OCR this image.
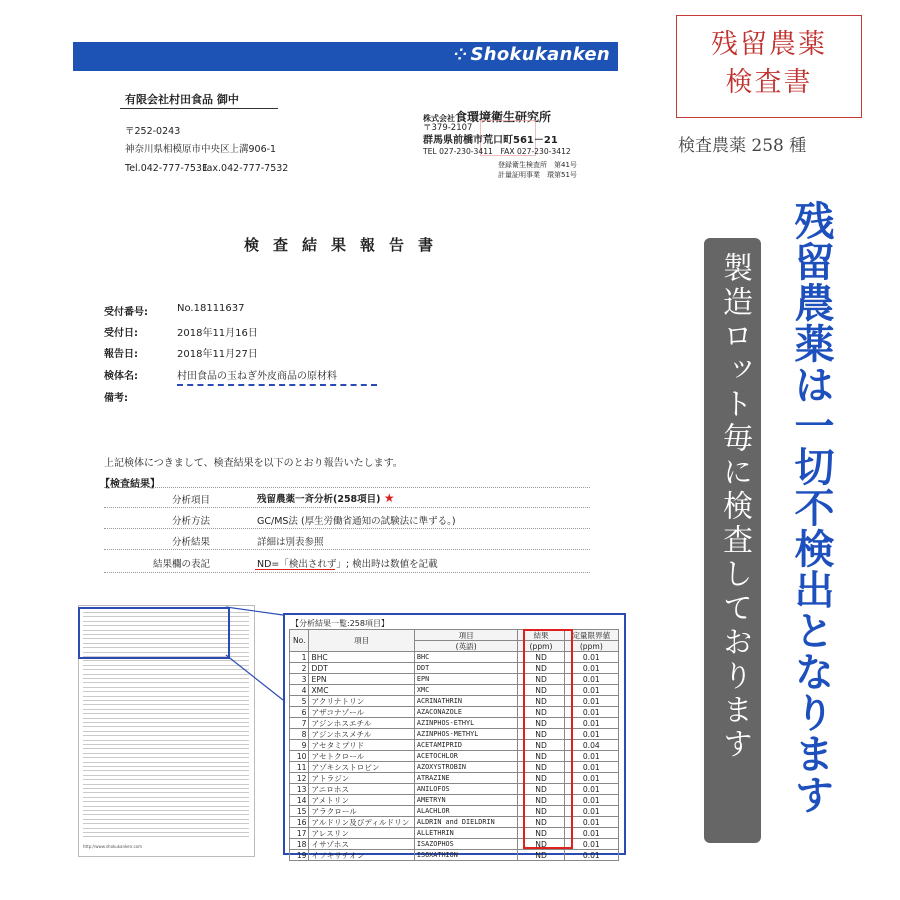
⁘ Shokukanken
有限会社村田食品 御中
〒252-0243
神奈川県相模原市中央区上溝906-1
Tel.042-777-7531
Fax.042-777-7532
株式会社食環境衛生研究所
〒379-2107
群馬県前橋市荒口町561－21
TEL 027-230-3411　FAX 027-230-3412
登録衛生検査所　第41号
計量証明事業　環第51号
検査結果報告書
受付番号:	No.18111637
受付日:	2018年11月16日
報告日:	2018年11月27日
検体名:	村田食品の玉ねぎ外皮商品の原材料
備考:
上記検体につきまして、検査結果を以下のとおり報告いたします。
【検査結果】
分析項目	残留農薬一斉分析(258項目) ★
分析方法	GC/MS法 (厚生労働省通知の試験法に準ずる。)
分析結果	詳細は別表参照
結果欄の表記	ND=「検出されず」; 検出時は数値を記載
残留農薬
検査書
検査農薬 258 種
製造ロット毎に検査しております 残留農薬は一切不検出となります
http://www.shokukanken.com
【分析結果一覧:258項目】
No.	項目	項目	結果	定量限界値
		(英語)	(ppm)	(ppm)
1	BHC	BHC	ND	0.01
2	DDT	DDT	ND	0.01
3	EPN	EPN	ND	0.01
4	XMC	XMC	ND	0.01
5	アクリナトリン	ACRINATHRIN	ND	0.01
6	アザコナゾール	AZACONAZOLE	ND	0.01
7	アジンホスエチル	AZINPHOS-ETHYL	ND	0.01
8	アジンホスメチル	AZINPHOS-METHYL	ND	0.01
9	アセタミプリド	ACETAMIPRID	ND	0.04
10	アセトクロール	ACETOCHLOR	ND	0.01
11	アゾキシストロビン	AZOXYSTROBIN	ND	0.01
12	アトラジン	ATRAZINE	ND	0.01
13	アニロホス	ANILOFOS	ND	0.01
14	アメトリン	AMETRYN	ND	0.01
15	アラクロール	ALACHLOR	ND	0.01
16	アルドリン及びディルドリン	ALDRIN and DIELDRIN	ND	0.01
17	アレスリン	ALLETHRIN	ND	0.01
18	イサゾホス	ISAZOPHOS	ND	0.01
19	イソキサチオン	ISOXATHION	ND	0.01
